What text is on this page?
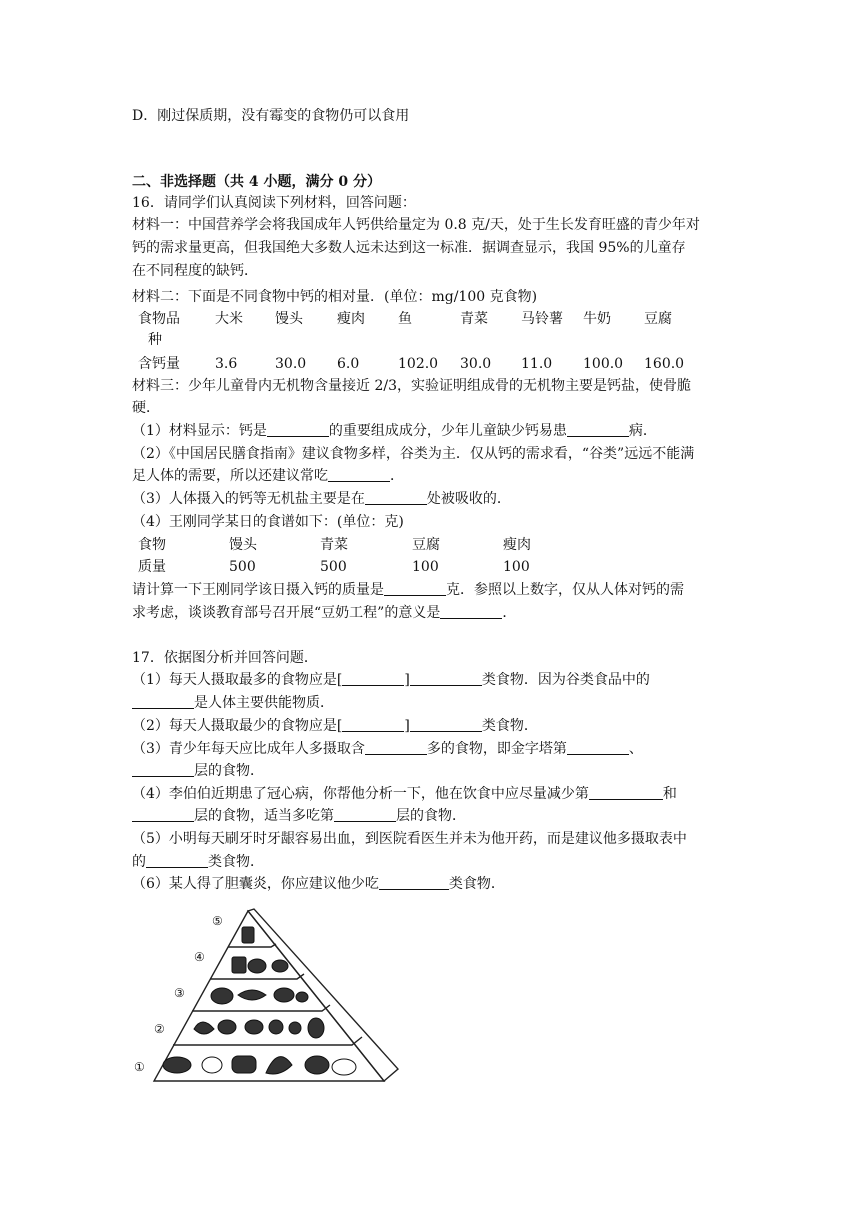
D．刚过保质期，没有霉变的食物仍可以食用
二、非选择题（共 4 小题，满分 0 分）
16．请同学们认真阅读下列材料，回答问题：
材料一：中国营养学会将我国成年人钙供给量定为 0.8 克/天，处于生长发育旺盛的青少年对
钙的需求量更高，但我国绝大多数人远未达到这一标准．据调查显示，我国 95%的儿童存
在不同程度的缺钙．
材料二：下面是不同食物中钙的相对量．(单位：mg/100 克食物)
食物品
种
大米 馒头 瘦肉 鱼	青菜 马铃薯 牛奶 豆腐
含钙量	3.6	30.0 6.0	102.0 30.0 11.0 100.0 160.0
材料三：少年儿童骨内无机物含量接近 2/3，实验证明组成骨的无机物主要是钙盐，使骨脆
硬．
（1）材料显示：钙是	的重要组成成分，少年儿童缺少钙易患	病．
（2）《中国居民膳食指南》建议食物多样，谷类为主．仅从钙的需求看，“谷类”远远不能满
足人体的需要，所以还建议常吃	．
（3）人体摄入的钙等无机盐主要是在	处被吸收的．
（4）王刚同学某日的食谱如下：(单位：克)
食物	馒头	青菜	豆腐	瘦肉
质量	500	500	100	100
请计算一下王刚同学该日摄入钙的质量是	克．参照以上数字，仅从人体对钙的需
求考虑，谈谈教育部号召开展“豆奶工程”的意义是	．
17．依据图分析并回答问题．
（1）每天人摄取最多的食物应是[	]	类食物．因为谷类食品中的
是人体主要供能物质．
（2）每天人摄取最少的食物应是[	]	类食物．
（3）青少年每天应比成年人多摄取含	多的食物，即金字塔第	、
层的食物．
（4）李伯伯近期患了冠心病，你帮他分析一下，他在饮食中应尽量减少第	和
层的食物，适当多吃第	层的食物．
（5）小明每天刷牙时牙龈容易出血，到医院看医生并未为他开药，而是建议他多摄取表中
的	类食物．
（6）某人得了胆囊炎，你应建议他少吃	类食物．
⑤
④
③
②
①
